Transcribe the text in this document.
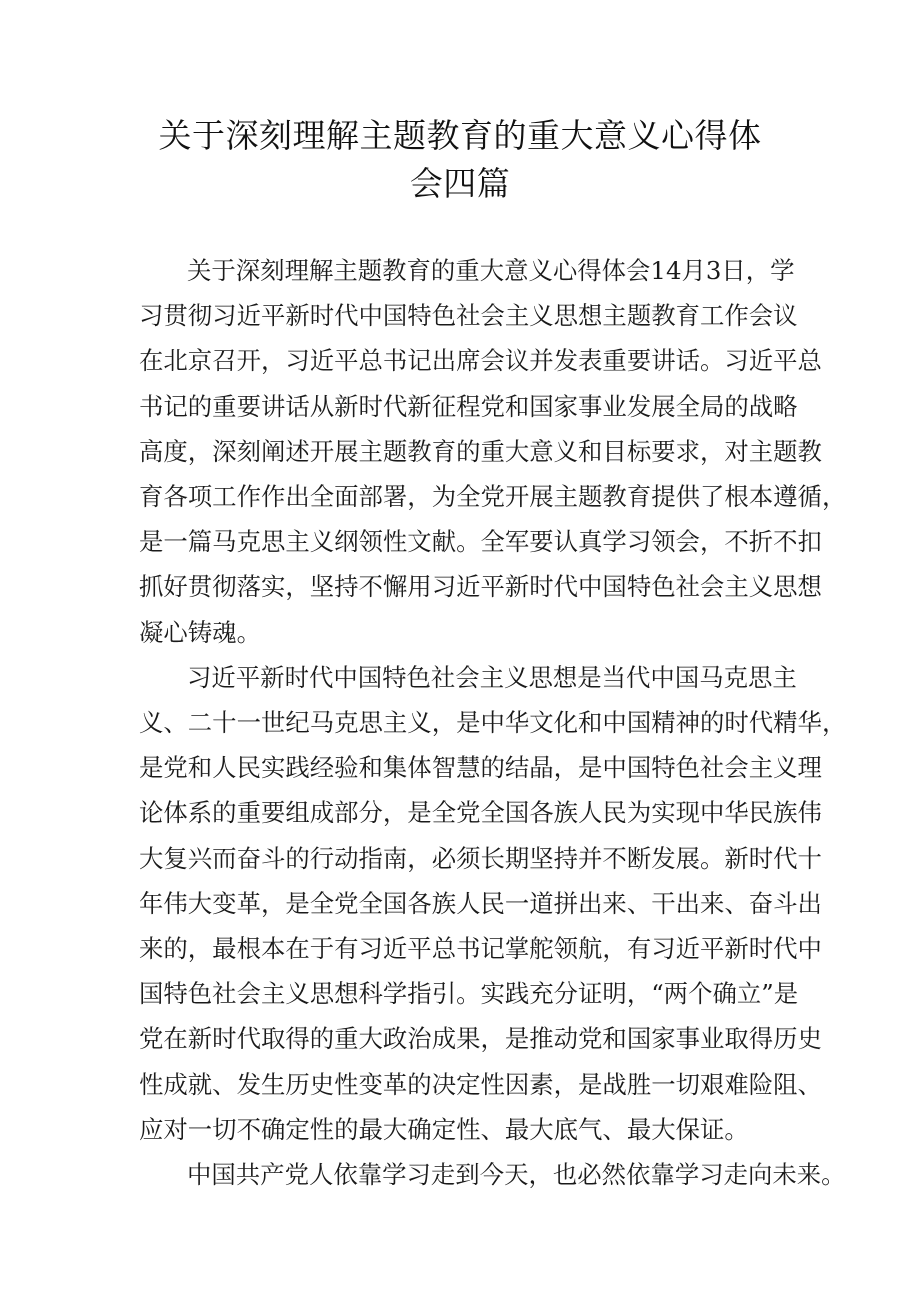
关于深刻理解主题教育的重大意义心得体
会四篇

关于深刻理解主题教育的重大意义心得体会14月3日，学
习贯彻习近平新时代中国特色社会主义思想主题教育工作会议
在北京召开，习近平总书记出席会议并发表重要讲话。习近平总
书记的重要讲话从新时代新征程党和国家事业发展全局的战略
高度，深刻阐述开展主题教育的重大意义和目标要求，对主题教
育各项工作作出全面部署，为全党开展主题教育提供了根本遵循，
是一篇马克思主义纲领性文献。全军要认真学习领会，不折不扣
抓好贯彻落实，坚持不懈用习近平新时代中国特色社会主义思想
凝心铸魂。

习近平新时代中国特色社会主义思想是当代中国马克思主
义、二十一世纪马克思主义，是中华文化和中国精神的时代精华，
是党和人民实践经验和集体智慧的结晶，是中国特色社会主义理
论体系的重要组成部分，是全党全国各族人民为实现中华民族伟
大复兴而奋斗的行动指南，必须长期坚持并不断发展。新时代十
年伟大变革，是全党全国各族人民一道拼出来、干出来、奋斗出
来的，最根本在于有习近平总书记掌舵领航，有习近平新时代中
国特色社会主义思想科学指引。实践充分证明，“两个确立”是
党在新时代取得的重大政治成果，是推动党和国家事业取得历史
性成就、发生历史性变革的决定性因素，是战胜一切艰难险阻、
应对一切不确定性的最大确定性、最大底气、最大保证。

中国共产党人依靠学习走到今天，也必然依靠学习走向未来。
